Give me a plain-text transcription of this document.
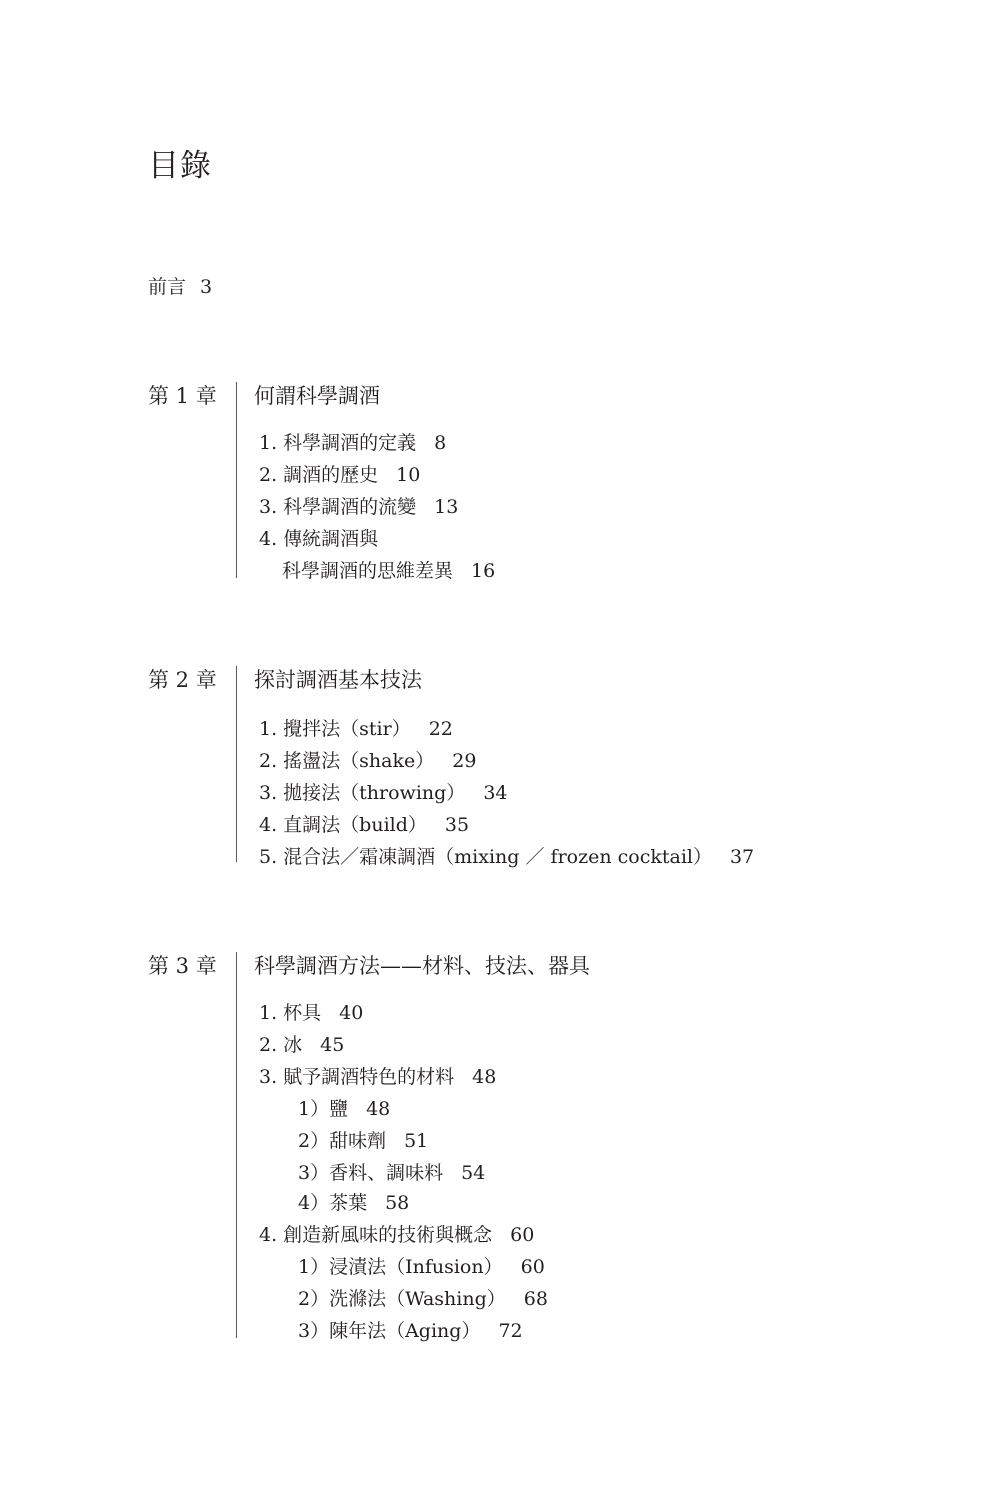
目錄
前言 3
第 1 章 何謂科學調酒
1. 科學調酒的定義 8
2. 調酒的歷史 10
3. 科學調酒的流變 13
4. 傳統調酒與
科學調酒的思維差異 16
第 2 章 探討調酒基本技法
1. 攪拌法（stir） 22
2. 搖盪法（shake） 29
3. 拋接法（throwing） 34
4. 直調法（build） 35
5. 混合法／霜凍調酒（mixing ／ frozen cocktail） 37
第 3 章 科學調酒方法——材料、技法、器具
1. 杯具 40
2. 冰 45
3. 賦予調酒特色的材料 48
1）鹽 48
2）甜味劑 51
3）香料、調味料 54
4）茶葉 58
4. 創造新風味的技術與概念 60
1）浸漬法（Infusion） 60
2）洗滌法（Washing） 68
3）陳年法（Aging） 72
